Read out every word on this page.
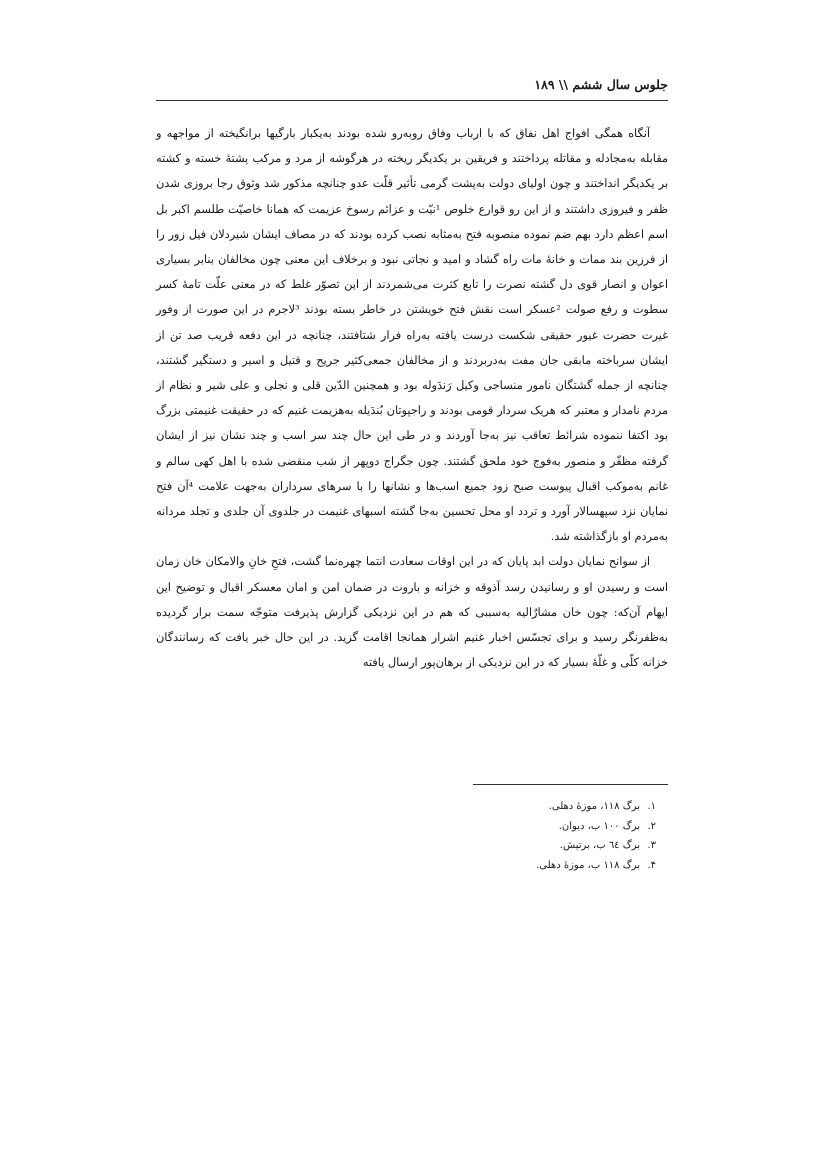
جلوس سال ششم \\ ۱۸۹

آنگاه همگی افواج اهل نفاق که با ارباب وفاق روبه‌رو شده بودند به‌یکبار بارگیها برانگیخته از مواجهه و مقابله به‌مجادله و مقاتله پرداختند و فریقین بر یکدیگر ریخته در هرگوشه از مرد و مرکب پشتهٔ خسته و کشته بر یکدیگر انداختند و چون اولیای دولت به‌پشت گرمی تأثیر قلّت عدو چنانچه مذکور شد وثوق رجا بروزی شدن ظفر و فیروزی داشتند و از این رو قوارع خلوص ¹نیّت و عزائم رسوخ عزیمت که همانا خاصیّت طلسم اکبر بل اسم اعظم دارد بهم ضم نموده منصوبه فتح به‌مثابه نصب کرده بودند که در مصاف ایشان شیردلان فیل زور را از فرزین بند ممات و خانهٔ مات راه گشاد و امید و نجاتی نبود و برخلاف این معنی چون مخالفان بنابر بسیاری اعوان و انصار قوی دل گشته نصرت را تابع کثرت می‌شمردند از این تصوّر غلط که در معنی علّت تامهٔ کسر سطوت و رفع صولت ²عسکر است نقش فتح خویشتن در خاطر بسته بودند ³لاجرم در این صورت از وفور غیرت حضرت غیور حقیقی شکست درست یافته به‌راه فرار شتافتند، چنانچه در این دفعه قریب صد تن از ایشان سرباخته مابقی جان مفت به‌دربردند و از مخالفان جمعی‌کثیر جریح و قتیل و اسیر و دستگیر گشتند، چنانچه از جمله گشتگان نامور منساجی وکیل رَندَوله بود و همچنین الدّین قلی و نجلی و علی شیر و نظام از مردم نامدار و معتبر که هریک سردار قومی بودند و راجپوتان بُندَیله به‌هزیمت غنیم که در حقیقت غنیمتی بزرگ بود اکتفا ننموده شرائط تعاقب نیز به‌جا آوردند و در طی این حال چند سر اسب و چند نشان نیز از ایشان گرفته مظفّر و منصور به‌فوج خود ملحق گشتند. چون جگراج دوپهر از شب منقضی شده با اهل کهی سالم و غانم به‌موکب اقبال پیوست صبح زود جمیع اسب‌ها و نشانها را با سرهای سرداران به‌جهت علامت ⁴آن فتح نمایان نزد سپهسالار آورد و تردد او محل تحسین به‌جا گشته اسبهای غنیمت در جلدوی آن جلدی و تجلد مردانه به‌مردم او بازگذاشته شد.

از سوانح نمایان دولت ابد پایان که در این اوقات سعادت انتما چهره‌نما گشت، فتحِ خانِ والامکان خان زمان است و رسیدن او و رسانیدن رسد آذوقه و خزانه و باروت در ضمان امن و امان معسکر اقبال و توضیح این ایهام آن‌که: چون خان مشارٌالیه به‌سببی که هم در این نزدیکی گزارش پذیرفت متوجّه سمت برار گردیده به‌ظفرنگر رسید و برای تجسّس اخبار غنیم اشرار همانجا اقامت گزید. در این حال خبر یافت که رسانندگان خزانه کلّی و غلّهٔ بسیار که در این نزدیکی از برهان‌پور ارسال یافته

۱.برگ ۱۱۸، موزهٔ دهلی.
۲.برگ ۱۰۰ ب، دیوان.
۳.برگ ٦٤ ب، برتیش.
۴.برگ ۱۱۸ ب، موزهٔ دهلی.
